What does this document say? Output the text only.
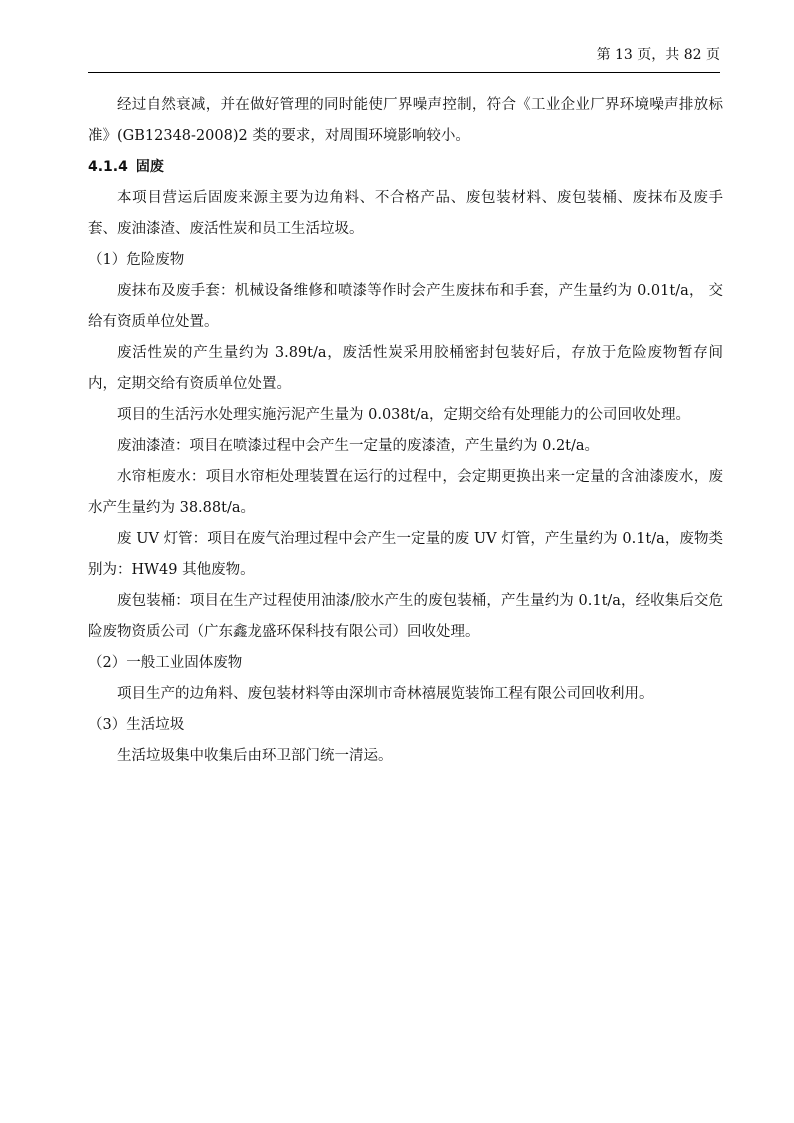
第 13 页，共 82 页

经过自然衰减，并在做好管理的同时能使厂界噪声控制，符合《工业企业厂界环境噪声排放标准》(GB12348-2008)2 类的要求，对周围环境影响较小。

4.1.4 固废

本项目营运后固废来源主要为边角料、不合格产品、废包装材料、废包装桶、废抹布及废手套、废油漆渣、废活性炭和员工生活垃圾。

（1）危险废物

废抹布及废手套：机械设备维修和喷漆等作时会产生废抹布和手套，产生量约为 0.01t/a， 交给有资质单位处置。

废活性炭的产生量约为 3.89t/a，废活性炭采用胶桶密封包装好后，存放于危险废物暂存间内，定期交给有资质单位处置。

项目的生活污水处理实施污泥产生量为 0.038t/a，定期交给有处理能力的公司回收处理。

废油漆渣：项目在喷漆过程中会产生一定量的废漆渣，产生量约为 0.2t/a。

水帘柜废水：项目水帘柜处理装置在运行的过程中，会定期更换出来一定量的含油漆废水，废水产生量约为 38.88t/a。

废 UV 灯管：项目在废气治理过程中会产生一定量的废 UV 灯管，产生量约为 0.1t/a，废物类别为：HW49 其他废物。

废包装桶：项目在生产过程使用油漆/胶水产生的废包装桶，产生量约为 0.1t/a，经收集后交危险废物资质公司（广东鑫龙盛环保科技有限公司）回收处理。

（2）一般工业固体废物

项目生产的边角料、废包装材料等由深圳市奇林禧展览装饰工程有限公司回收利用。

（3）生活垃圾

生活垃圾集中收集后由环卫部门统一清运。
